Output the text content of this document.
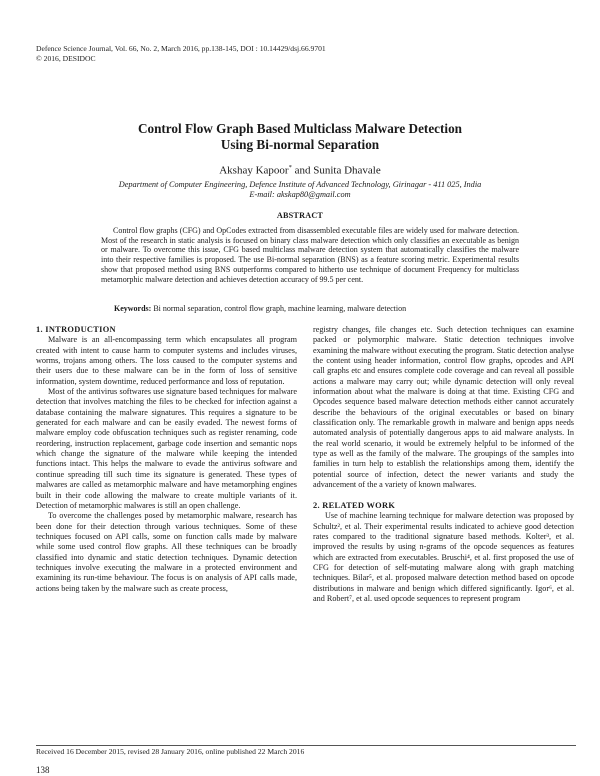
Defence Science Journal, Vol. 66, No. 2, March 2016, pp.138-145, DOI : 10.14429/dsj.66.9701
© 2016, DESIDOC
Control Flow Graph Based Multiclass Malware Detection
Using Bi-normal Separation
Akshay Kapoor* and Sunita Dhavale
Department of Computer Engineering, Defence Institute of Advanced Technology, Girinagar - 411 025, India
E-mail: akskap80@gmail.com
ABSTRACT
Control flow graphs (CFG) and OpCodes extracted from disassembled executable files are widely used for malware detection. Most of the research in static analysis is focused on binary class malware detection which only classifies an executable as benign or malware. To overcome this issue, CFG based multiclass malware detection system that automatically classifies the malware into their respective families is proposed. The use Bi-normal separation (BNS) as a feature scoring metric. Experimental results show that proposed method using BNS outperforms compared to hitherto use technique of document Frequency for multiclass metamorphic malware detection and achieves detection accuracy of 99.5 per cent.
Keywords: Bi normal separation, control flow graph, machine learning, malware detection
1. INTRODUCTION

Malware is an all-encompassing term which encapsulates all program created with intent to cause harm to computer systems and includes viruses, worms, trojans among others. The loss caused to the computer systems and their users due to these malware can be in the form of loss of sensitive information, system downtime, reduced performance and loss of reputation.

Most of the antivirus softwares use signature based techniques for malware detection that involves matching the files to be checked for infection against a database containing the malware signatures. This requires a signature to be generated for each malware and can be easily evaded. The newest forms of malware employ code obfuscation techniques such as register renaming, code reordering, instruction replacement, garbage code insertion and semantic nops which change the signature of the malware while keeping the intended functions intact. This helps the malware to evade the antivirus software and continue spreading till such time its signature is generated. These types of malwares are called as metamorphic malware and have metamorphing engines built in their code allowing the malware to create multiple variants of it. Detection of metamorphic malwares is still an open challenge.

To overcome the challenges posed by metamorphic malware, research has been done for their detection through various techniques. Some of these techniques focused on API calls, some on function calls made by malware while some used control flow graphs. All these techniques can be broadly classified into dynamic and static detection techniques. Dynamic detection techniques involve executing the malware in a protected environment and examining its run-time behaviour. The focus is on analysis of API calls made, actions being taken by the malware such as create process,

registry changes, file changes etc. Such detection techniques can examine packed or polymorphic malware. Static detection techniques involve examining the malware without executing the program. Static detection analyse the content using header information, control flow graphs, opcodes and API call graphs etc and ensures complete code coverage and can reveal all possible actions a malware may carry out; while dynamic detection will only reveal information about what the malware is doing at that time. Existing CFG and Opcodes sequence based malware detection methods either cannot accurately describe the behaviours of the original executables or based on binary classification only. The remarkable growth in malware and benign apps needs automated analysis of potentially dangerous apps to aid malware analysts. In the real world scenario, it would be extremely helpful to be informed of the type as well as the family of the malware. The groupings of the samples into families in turn help to establish the relationships among them, identify the potential source of infection, detect the newer variants and study the advancement of the a variety of known malwares.
2. RELATED WORK

Use of machine learning technique for malware detection was proposed by Schultz², et al. Their experimental results indicated to achieve good detection rates compared to the traditional signature based methods. Kolter³, et al. improved the results by using n-grams of the opcode sequences as features which are extracted from executables. Bruschi⁴, et al. first proposed the use of CFG for detection of self-mutating malware along with graph matching techniques. Bilar⁵, et al. proposed malware detection method based on opcode distributions in malware and benign which differed significantly. Igor⁶, et al. and Robert⁷, et al. used opcode sequences to represent program

Received 16 December 2015, revised 28 January 2016, online published 22 March 2016
138
